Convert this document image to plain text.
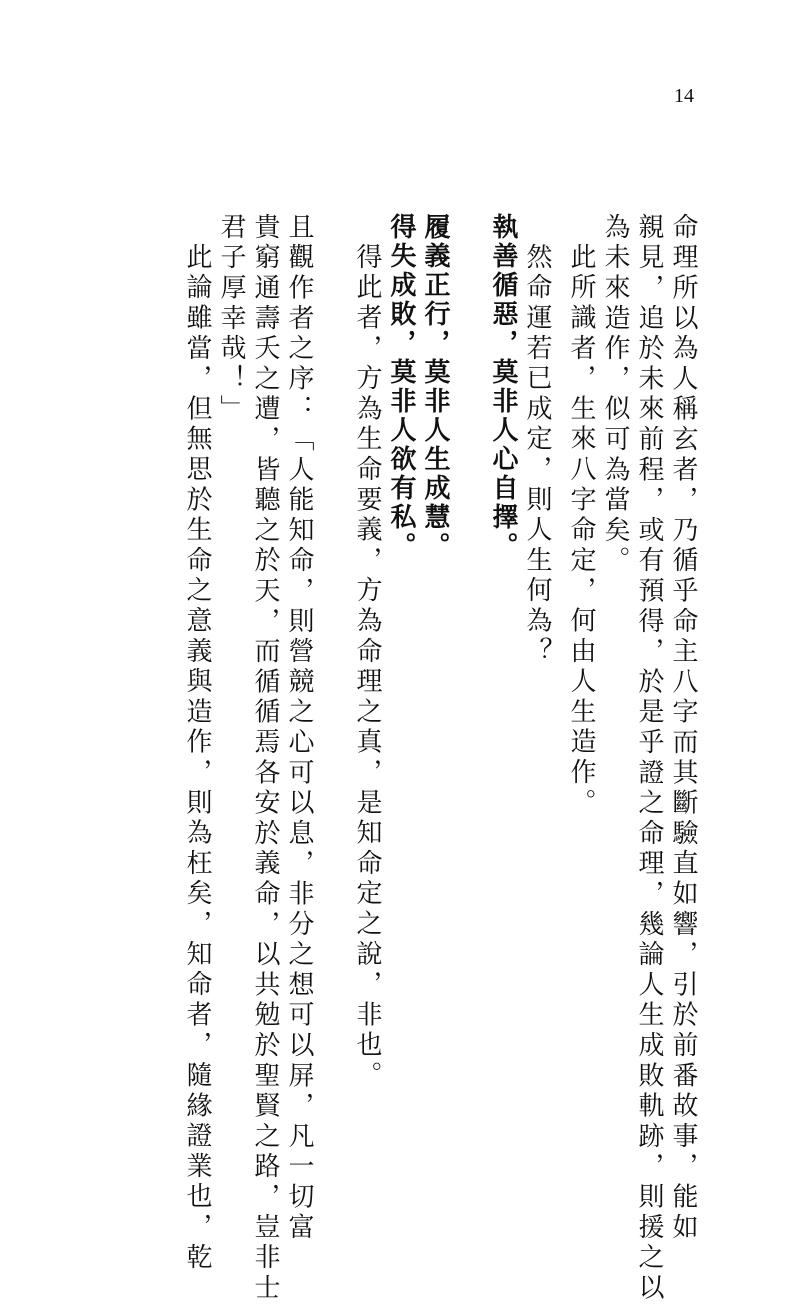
14
命理所以為人稱玄者，乃循乎命主八字而其斷驗直如響，引於前番故事，能如
親見，追於未來前程，或有預得，於是乎證之命理，幾論人生成敗軌跡，則援之以
為未來造作，似可為當矣。
此所識者，生來八字命定，何由人生造作。
然命運若已成定，則人生何為？
執善循惡，莫非人心自擇。
履義正行，莫非人生成慧。
得失成敗，莫非人欲有私。
得此者，方為生命要義，方為命理之真，是知命定之說，非也。
且觀作者之序：「人能知命，則營競之心可以息，非分之想可以屏，凡一切富
貴窮通壽夭之遭，皆聽之於天，而循循焉各安於義命，以共勉於聖賢之路，豈非士
君子厚幸哉！」
此論雖當，但無思於生命之意義與造作，則為枉矣，知命者，隨緣證業也，乾
